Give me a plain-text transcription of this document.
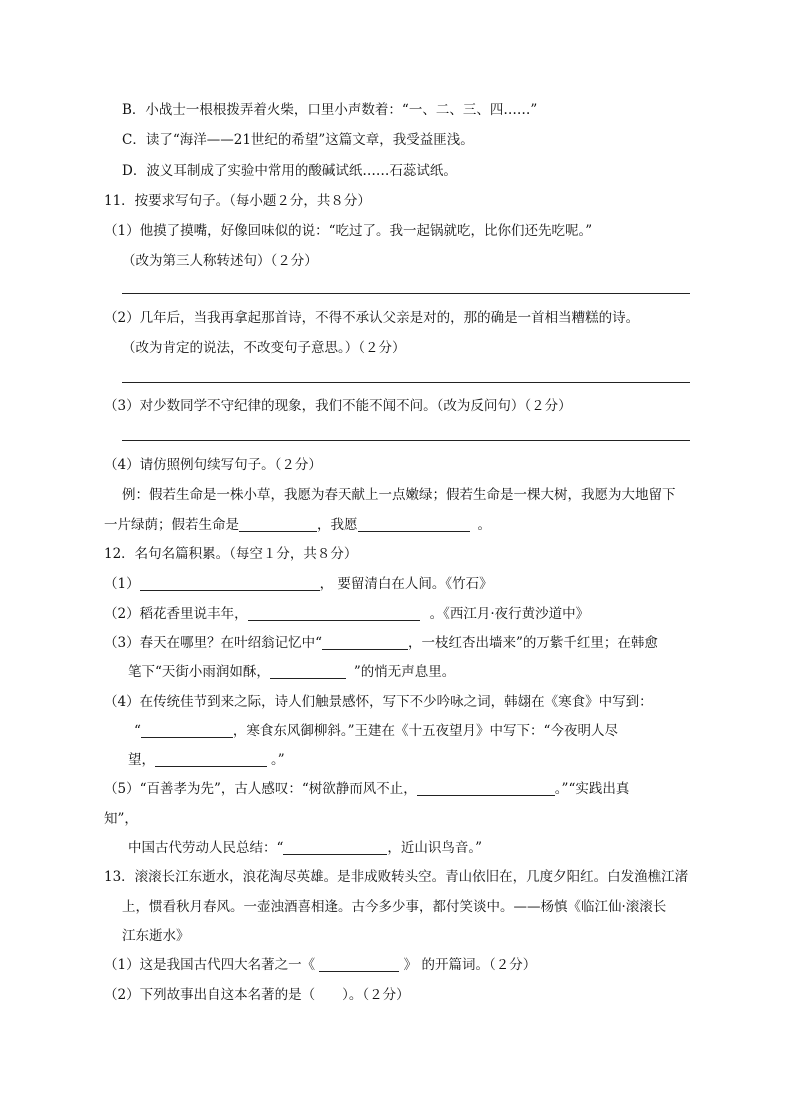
B．小战士一根根拨弄着火柴，口里小声数着：“一、二、三、四……”
C．读了“海洋——21世纪的希望”这篇文章，我受益匪浅。
D．波义耳制成了实验中常用的酸碱试纸……石蕊试纸。
11．按要求写句子。（每小题２分，共８分）
（1）他摸了摸嘴，好像回味似的说：“吃过了。我一起锅就吃，比你们还先吃呢。”
（改为第三人称转述句）（２分）
（2）几年后，当我再拿起那首诗，不得不承认父亲是对的，那的确是一首相当糟糕的诗。
（改为肯定的说法，不改变句子意思。）（２分）
（3）对少数同学不守纪律的现象，我们不能不闻不问。（改为反问句）（２分）
（4）请仿照例句续写句子。（２分）
例：假若生命是一株小草，我愿为春天献上一点嫩绿；假若生命是一棵大树，我愿为大地留下
一片绿荫；假若生命是	，我愿	。
12．名句名篇积累。（每空１分，共８分）
（1）	， 要留清白在人间。《竹石》
（2）稻花香里说丰年，	。《西江月·夜行黄沙道中》
（3）春天在哪里？在叶绍翁记忆中“	，一枝红杏出墙来”的万紫千红里；在韩愈
笔下“天街小雨润如酥，	”的悄无声息里。
（4）在传统佳节到来之际，诗人们触景感怀，写下不少吟咏之词，韩翃在《寒食》中写到：
“	，寒食东风御柳斜。”王建在《十五夜望月》中写下：“今夜明人尽
望，	。”
（5）“百善孝为先”，古人感叹：“树欲静而风不止，	。”“实践出真
知”，
中国古代劳动人民总结：“	，近山识鸟音。”
13．滚滚长江东逝水，浪花淘尽英雄。是非成败转头空。青山依旧在，几度夕阳红。白发渔樵江渚
上，惯看秋月春风。一壶浊酒喜相逢。古今多少事，都付笑谈中。——杨慎《临江仙·滚滚长
江东逝水》
（1）这是我国古代四大名著之一《	》 的开篇词。（２分）
（2）下列故事出自这本名著的是（　　）。（２分）
